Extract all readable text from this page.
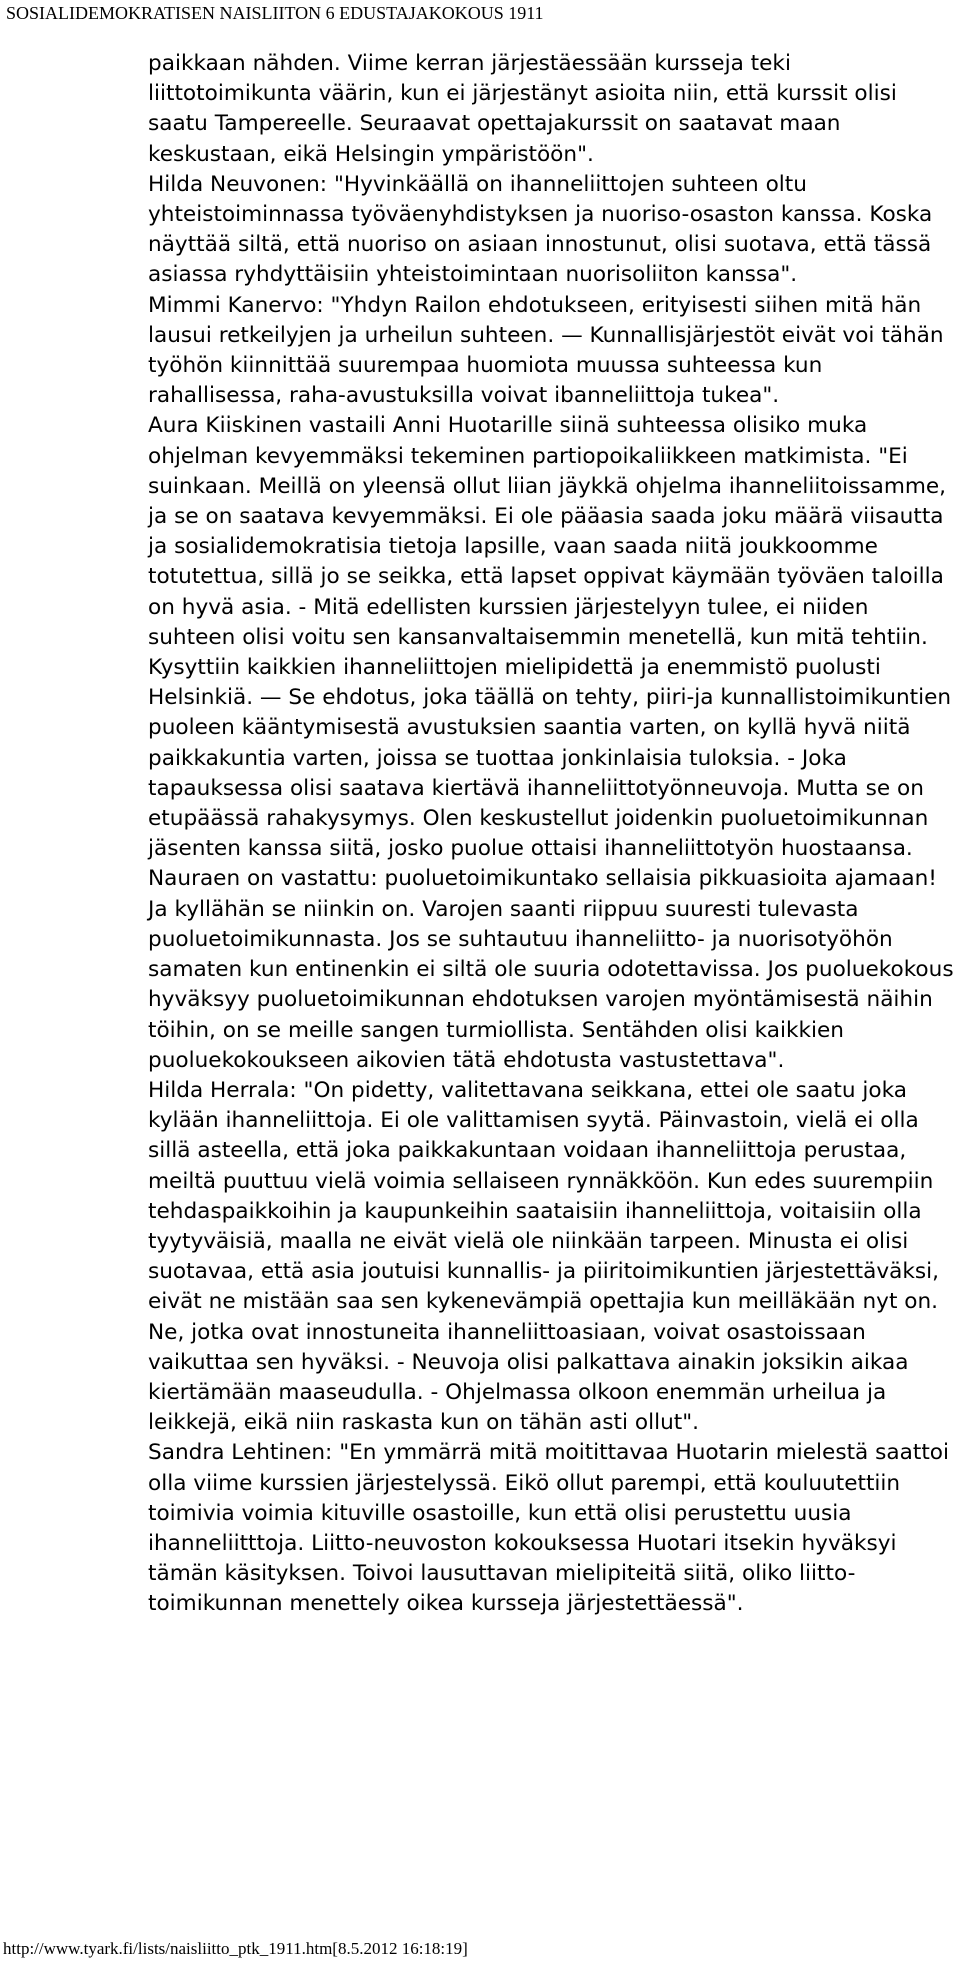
SOSIALIDEMOKRATISEN NAISLIITON 6 EDUSTAJAKOKOUS 1911

paikkaan nähden. Viime kerran järjestäessään kursseja teki liittotoimikunta väärin, kun ei järjestänyt asioita niin, että kurssit olisi saatu Tampereelle. Seuraavat opettajakurssit on saatavat maan keskustaan, eikä Helsingin ympäristöön".

Hilda Neuvonen: "Hyvinkäällä on ihanneliittojen suhteen oltu yhteistoiminnassa työväenyhdistyksen ja nuoriso-osaston kanssa. Koska näyttää siltä, että nuoriso on asiaan innostunut, olisi suotava, että tässä asiassa ryhdyttäisiin yhteistoimintaan nuorisoliiton kanssa".

Mimmi Kanervo: "Yhdyn Railon ehdotukseen, erityisesti siihen mitä hän lausui retkeilyjen ja urheilun suhteen. — Kunnallisjärjestöt eivät voi tähän työhön kiinnittää suurempaa huomiota muussa suhteessa kun rahallisessa, raha-avustuksilla voivat ibanneliittoja tukea".

Aura Kiiskinen vastaili Anni Huotarille siinä suhteessa olisiko muka ohjelman kevyemmäksi tekeminen partiopoikaliikkeen matkimista. "Ei suinkaan. Meillä on yleensä ollut liian jäykkä ohjelma ihanneliitoissamme, ja se on saatava kevyemmäksi. Ei ole pääasia saada joku määrä viisautta ja sosialidemokratisia tietoja lapsille, vaan saada niitä joukkoomme totutettua, sillä jo se seikka, että lapset oppivat käymään työväen taloilla on hyvä asia. - Mitä edellisten kurssien järjestelyyn tulee, ei niiden suhteen olisi voitu sen kansanvaltaisemmin menetellä, kun mitä tehtiin. Kysyttiin kaikkien ihanneliittojen mielipidettä ja enemmistö puolusti Helsinkiä. — Se ehdotus, joka täällä on tehty, piiri-ja kunnallistoimikuntien puoleen kääntymisestä avustuksien saantia varten, on kyllä hyvä niitä paikkakuntia varten, joissa se tuottaa jonkinlaisia tuloksia. - Joka tapauksessa olisi saatava kiertävä ihanneliittotyönneuvoja. Mutta se on etupäässä rahakysymys. Olen keskustellut joidenkin puoluetoimikunnan jäsenten kanssa siitä, josko puolue ottaisi ihanneliittotyön huostaansa. Nauraen on vastattu: puoluetoimikuntako sellaisia pikkuasioita ajamaan! Ja kyllähän se niinkin on. Varojen saanti riippuu suuresti tulevasta puoluetoimikunnasta. Jos se suhtautuu ihanneliitto- ja nuorisotyöhön samaten kun entinenkin ei siltä ole suuria odotettavissa. Jos puoluekokous hyväksyy puoluetoimikunnan ehdotuksen varojen myöntämisestä näihin töihin, on se meille sangen turmiollista. Sentähden olisi kaikkien puoluekokoukseen aikovien tätä ehdotusta vastustettava".

Hilda Herrala: "On pidetty, valitettavana seikkana, ettei ole saatu joka kylään ihanneliittoja. Ei ole valittamisen syytä. Päinvastoin, vielä ei olla sillä asteella, että joka paikkakuntaan voidaan ihanneliittoja perustaa, meiltä puuttuu vielä voimia sellaiseen rynnäkköön. Kun edes suurempiin tehdaspaikkoihin ja kaupunkeihin saataisiin ihanneliittoja, voitaisiin olla tyytyväisiä, maalla ne eivät vielä ole niinkään tarpeen. Minusta ei olisi suotavaa, että asia joutuisi kunnallis- ja piiritoimikuntien järjestettäväksi, eivät ne mistään saa sen kykenevämpiä opettajia kun meilläkään nyt on. Ne, jotka ovat innostuneita ihanneliittoasiaan, voivat osastoissaan vaikuttaa sen hyväksi. - Neuvoja olisi palkattava ainakin joksikin aikaa kiertämään maaseudulla. - Ohjelmassa olkoon enemmän urheilua ja leikkejä, eikä niin raskasta kun on tähän asti ollut".

Sandra Lehtinen: "En ymmärrä mitä moitittavaa Huotarin mielestä saattoi olla viime kurssien järjestelyssä. Eikö ollut parempi, että kouluutettiin toimivia voimia kituville osastoille, kun että olisi perustettu uusia ihanneliitttoja. Liitto-neuvoston kokouksessa Huotari itsekin hyväksyi tämän käsityksen. Toivoi lausuttavan mielipiteitä siitä, oliko liitto-toimikunnan menettely oikea kursseja järjestettäessä".

http://www.tyark.fi/lists/naisliitto_ptk_1911.htm[8.5.2012 16:18:19]
